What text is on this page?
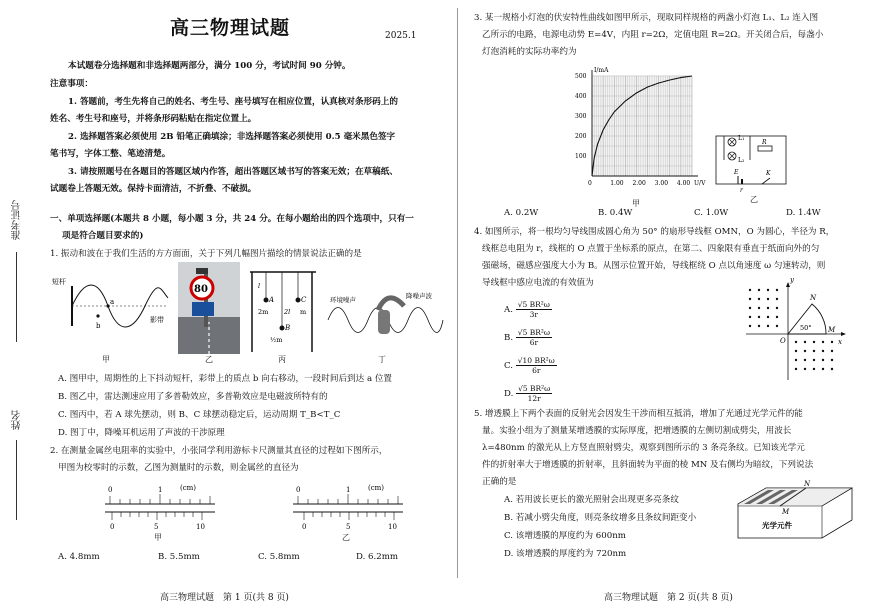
准考证号
姓名
高三物理试题	2025.1

本试题卷分选择题和非选择题两部分，满分 100 分，考试时间 90 分钟。

注意事项：

1. 答题前，考生先将自己的姓名、考生号、座号填写在相应位置，认真核对条形码上的

姓名、考生号和座号，并将条形码粘贴在指定位置上。

2. 选择题答案必须使用 2B 铅笔正确填涂；非选择题答案必须使用 0.5 毫米黑色签字

笔书写，字体工整、笔迹清楚。

3. 请按照题号在各题目的答题区域内作答，超出答题区域书写的答案无效；在草稿纸、

试题卷上答题无效。保持卡面清洁，不折叠、不破损。

一、单项选择题(本题共 8 小题，每小题 3 分，共 24 分。在每小题给出的四个选项中，只有一

项是符合题目要求的)

1. 振动和波在于我们生活的方方面面，关于下列几幅图片描绘的情景说法正确的是

短杆
a
b
影带
甲
80
乙
A	C
B
2m	m
½m
l
2l
丙
环境噪声	降噪声波
丁

A. 图甲中，周期性的上下抖动短杆，彩带上的质点 b 向右移动，一段时间后到达 a 位置

B. 图乙中，雷达测速应用了多普勒效应，多普勒效应是电磁波所特有的

C. 图丙中，若 A 球先摆动，则 B、C 球摆动稳定后，运动周期 T_B<T_C

D. 图丁中，降噪耳机运用了声波的干涉原理

2. 在测量金属丝电阻率的实验中，小张同学利用游标卡尺测量其直径的过程如下图所示，

甲图为校零时的示数，乙图为测量时的示数，则金属丝的直径为

0	1	(cm)
0	5	10
甲
0	1	(cm)
0	5	10
乙
A. 4.8mm	B. 5.5mm	C. 5.8mm	D. 6.2mm
高三物理试题　第 1 页(共 8 页)

3. 某一规格小灯泡的伏安特性曲线如图甲所示，现取同样规格的两盏小灯泡 L₁、L₂ 连入图

乙所示的电路，电源电动势 E=4V，内阻 r=2Ω，定值电阻 R=2Ω。开关闭合后，每盏小

灯泡消耗的实际功率约为

0	1.00 2.00 3.00 4.00
100
200
300
400
500
U/V
I/mA
甲
L₁
L₂
R
E
r
K
乙
A. 0.2W	B. 0.4W	C. 1.0W	D. 1.4W

4. 如图所示，将一根均匀导线围成圆心角为 50° 的扇形导线框 OMN，O 为圆心，半径为 R，

线框总电阻为 r，线框的 O 点置于坐标系的原点，在第二、四象限有垂直于纸面向外的匀

强磁场，磁感应强度大小为 B。从图示位置开始，导线框绕 O 点以角速度 ω 匀速转动，则

导线框中感应电流的有效值为

A. $\frac{\text{√5 BR²ω}}{3r}$
B. $\frac{\text{√5 BR²ω}}{6r}$
C. $\frac{\text{√10 BR²ω}}{6r}$
D. $\frac{\text{√5 BR²ω}}{12r}$
y
x
O
M
N
50°

5. 增透膜上下两个表面的反射光会因发生干涉而相互抵消，增加了光通过光学元件的能

量。实验小组为了测量某增透膜的实际厚度，把增透膜的左侧切割成劈尖，用波长

λ=480nm 的激光从上方竖直照射劈尖，观察到图所示的 3 条亮条纹。已知该光学元

件的折射率大于增透膜的折射率，且斜面转为平面的棱 MN 及右侧均为暗纹，下列说法

正确的是

A. 若用波长更长的激光照射会出现更多亮条纹

B. 若减小劈尖角度，则亮条纹增多且条纹间距变小

C. 该增透膜的厚度约为 600nm

D. 该增透膜的厚度约为 720nm

N
M
光学元件
高三物理试题　第 2 页(共 8 页)
